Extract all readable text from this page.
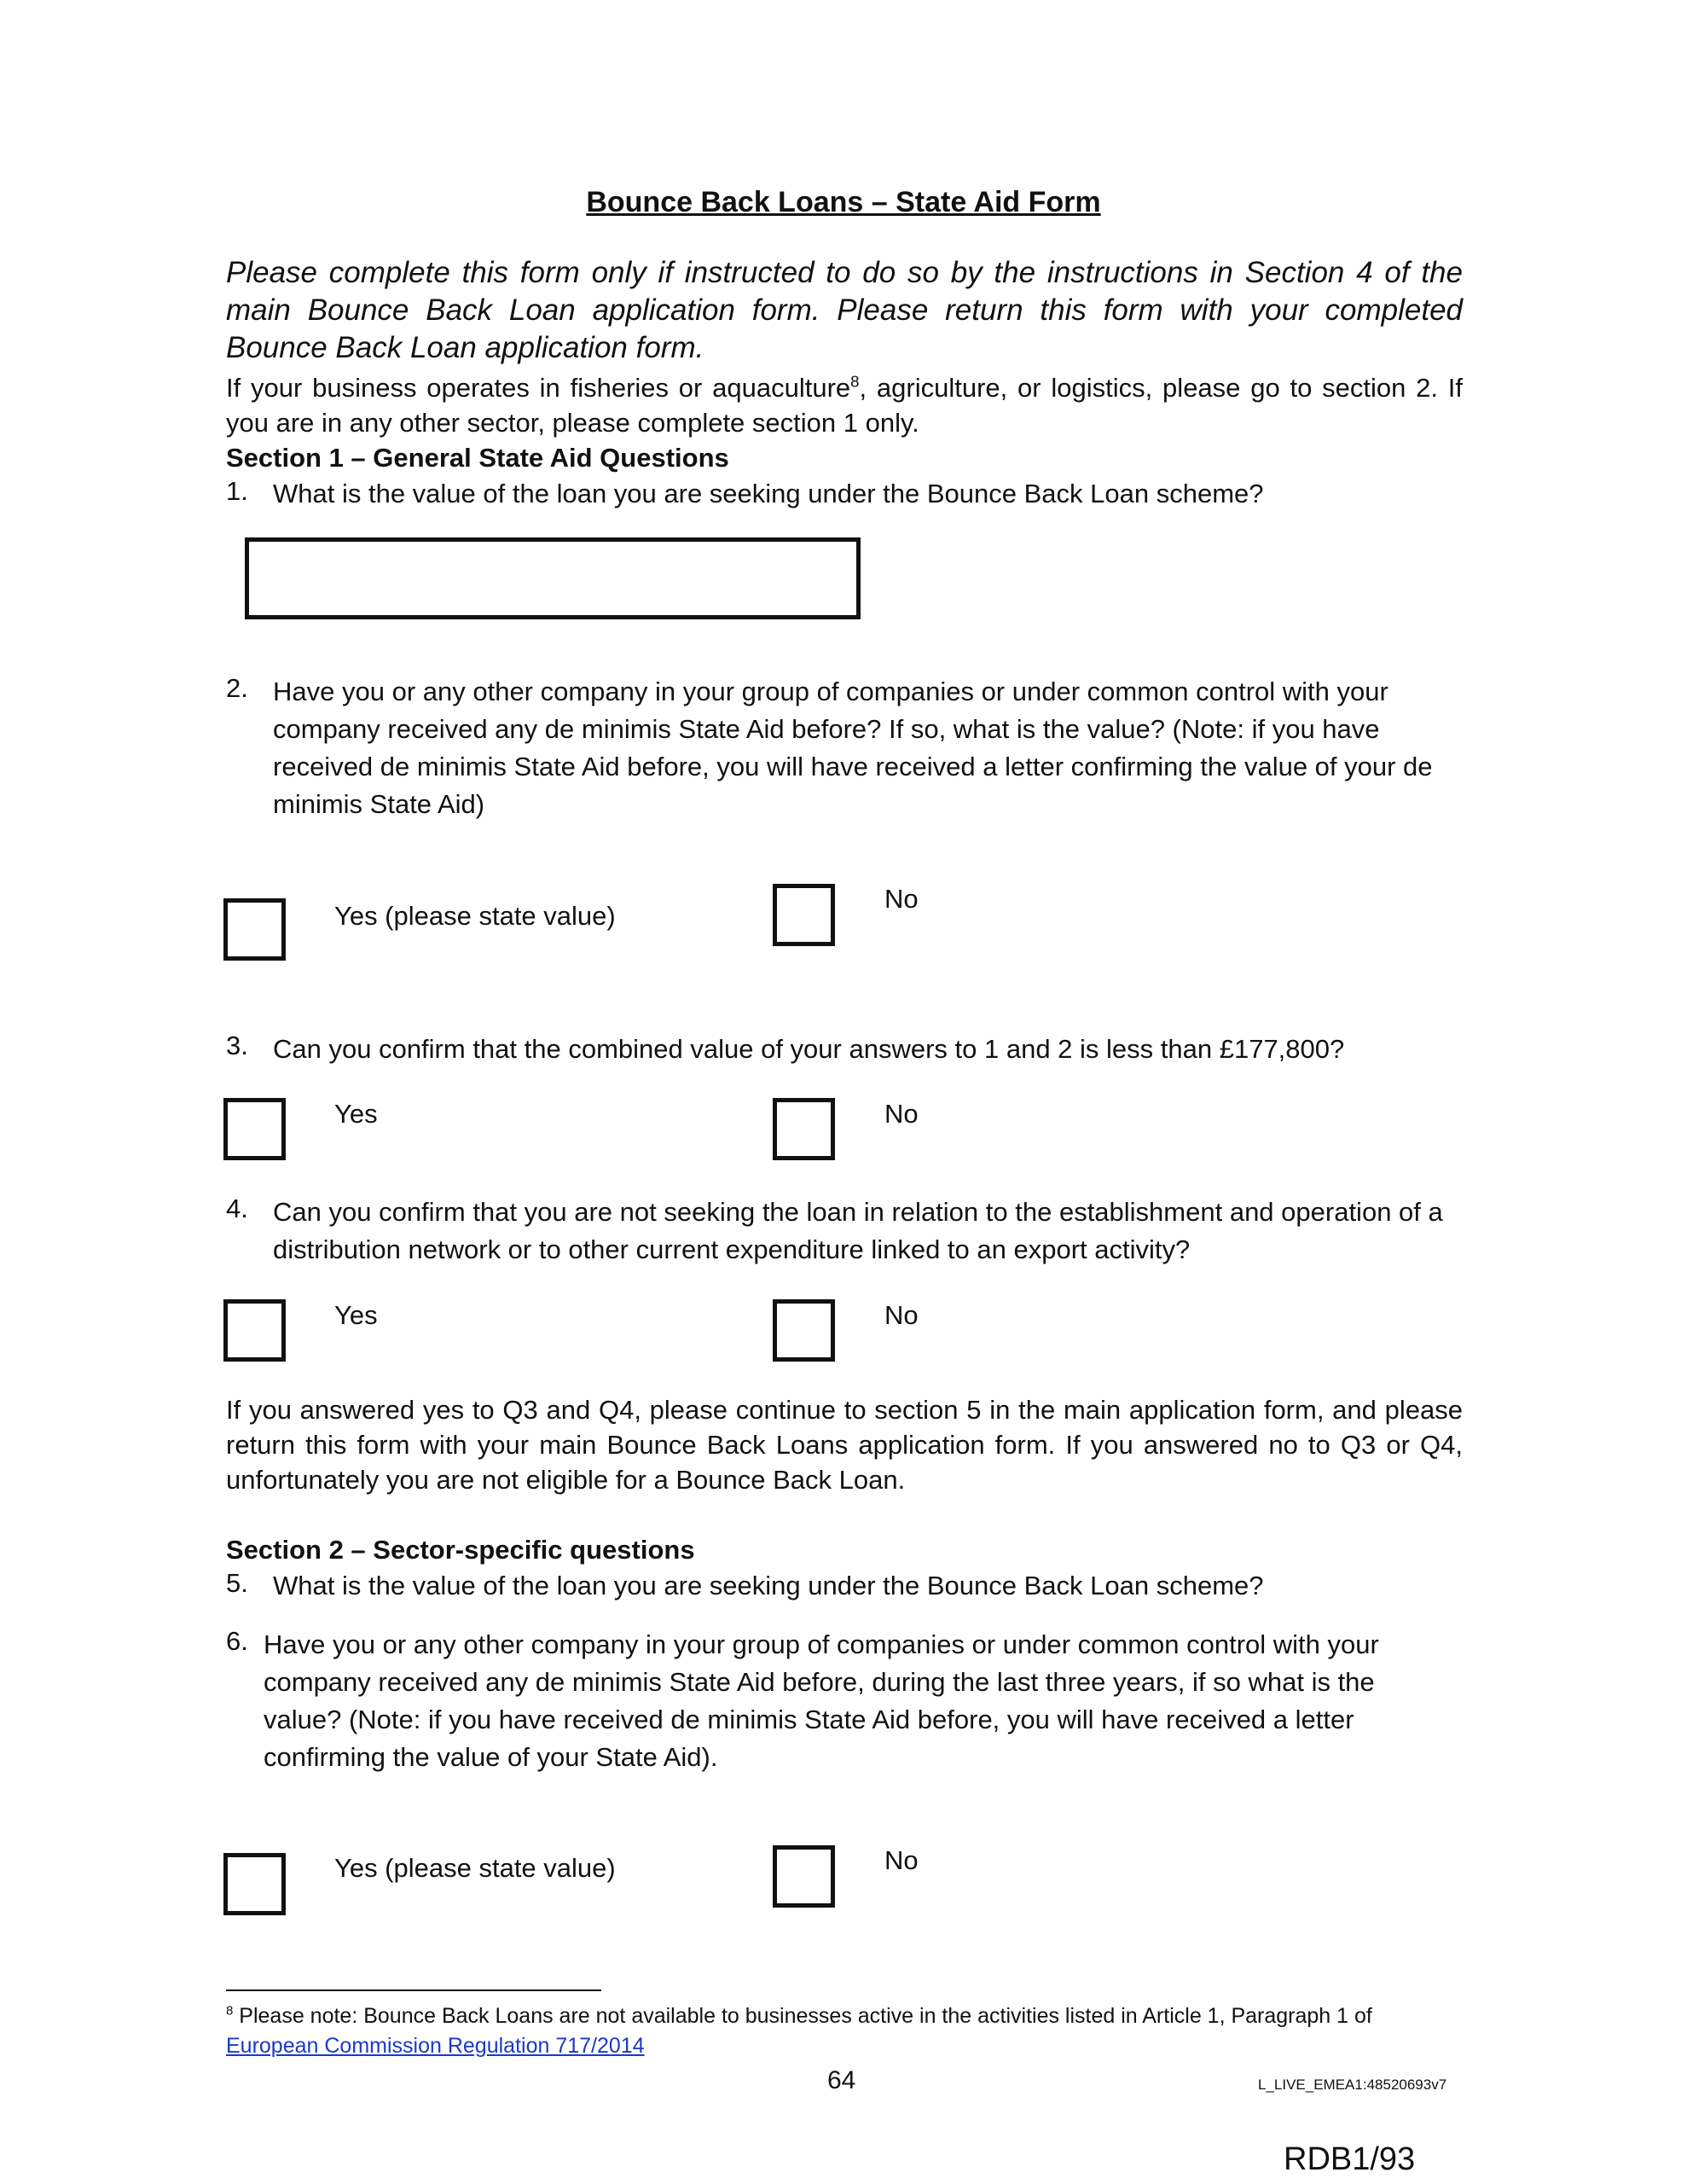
Bounce Back Loans – State Aid Form
Please complete this form only if instructed to do so by the instructions in Section 4 of the main Bounce Back Loan application form. Please return this form with your completed Bounce Back Loan application form.
If your business operates in fisheries or aquaculture$^8$, agriculture, or logistics, please go to section 2. If you are in any other sector, please complete section 1 only.
Section 1 – General State Aid Questions
1. What is the value of the loan you are seeking under the Bounce Back Loan scheme?
2. Have you or any other company in your group of companies or under common control with your company received any de minimis State Aid before? If so, what is the value? (Note: if you have received de minimis State Aid before, you will have received a letter confirming the value of your de minimis State Aid)
Yes (please state value)
No
3. Can you confirm that the combined value of your answers to 1 and 2 is less than £177,800?
Yes	No
4. Can you confirm that you are not seeking the loan in relation to the establishment and operation of a distribution network or to other current expenditure linked to an export activity?
Yes	No
If you answered yes to Q3 and Q4, please continue to section 5 in the main application form, and please return this form with your main Bounce Back Loans application form. If you answered no to Q3 or Q4, unfortunately you are not eligible for a Bounce Back Loan.
Section 2 – Sector-specific questions
5. What is the value of the loan you are seeking under the Bounce Back Loan scheme?
6. Have you or any other company in your group of companies or under common control with your company received any de minimis State Aid before, during the last three years, if so what is the value? (Note: if you have received de minimis State Aid before, you will have received a letter confirming the value of your State Aid).
Yes (please state value)	No
$^8$ Please note: Bounce Back Loans are not available to businesses active in the activities listed in Article 1, Paragraph 1 of European Commission Regulation 717/2014
64	L_LIVE_EMEA1:48520693v7
RDB1/93
